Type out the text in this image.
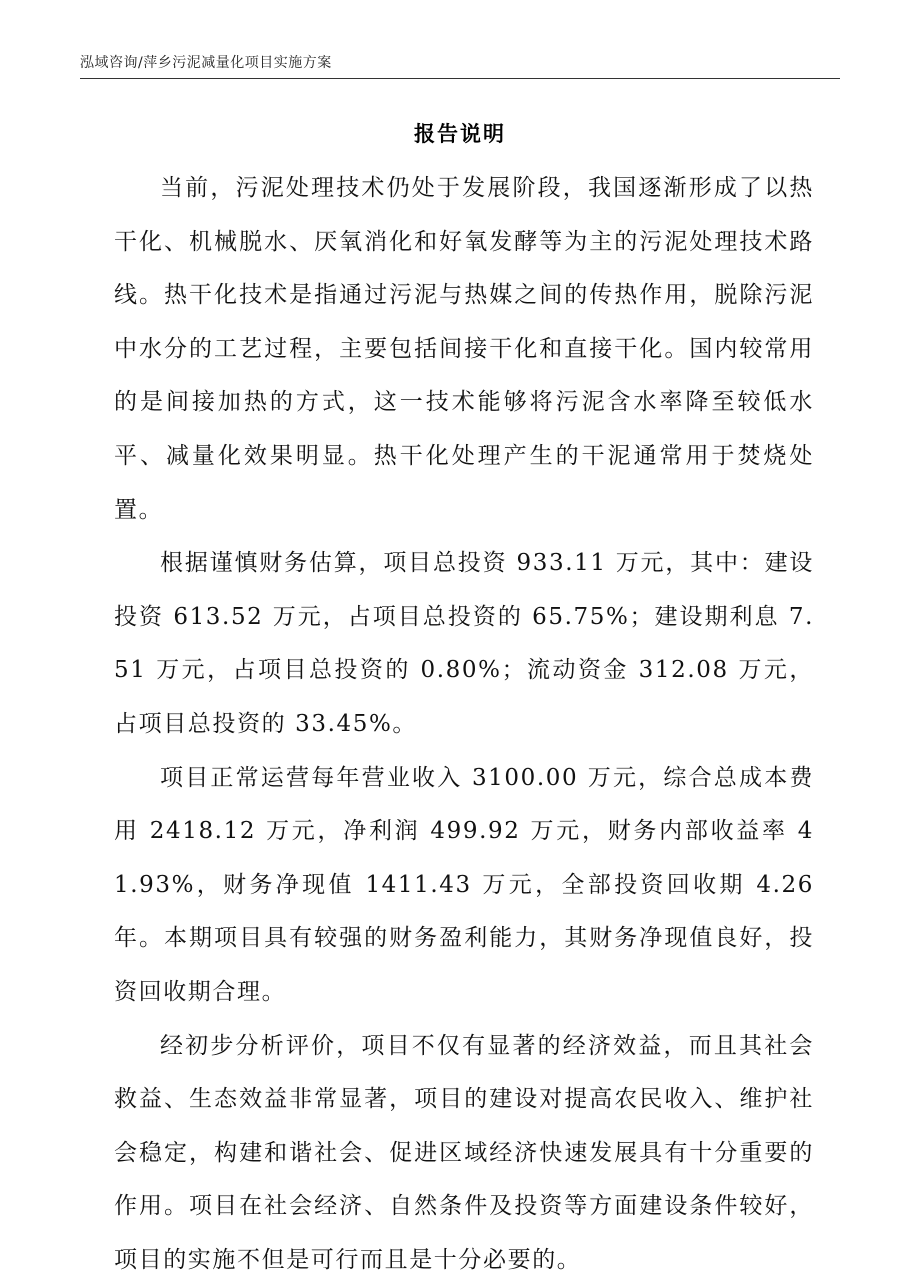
泓域咨询/萍乡污泥减量化项目实施方案
报告说明

当前，污泥处理技术仍处于发展阶段，我国逐渐形成了以热干化、机械脱水、厌氧消化和好氧发酵等为主的污泥处理技术路线。热干化技术是指通过污泥与热媒之间的传热作用，脱除污泥中水分的工艺过程，主要包括间接干化和直接干化。国内较常用的是间接加热的方式，这一技术能够将污泥含水率降至较低水平、减量化效果明显。热干化处理产生的干泥通常用于焚烧处置。

根据谨慎财务估算，项目总投资 933.11 万元，其中：建设投资 613.52 万元，占项目总投资的 65.75%；建设期利息 7.51 万元，占项目总投资的 0.80%；流动资金 312.08 万元，占项目总投资的 33.45%。

项目正常运营每年营业收入 3100.00 万元，综合总成本费用 2418.12 万元，净利润 499.92 万元，财务内部收益率 41.93%，财务净现值 1411.43 万元，全部投资回收期 4.26 年。本期项目具有较强的财务盈利能力，其财务净现值良好，投资回收期合理。

经初步分析评价，项目不仅有显著的经济效益，而且其社会救益、生态效益非常显著，项目的建设对提高农民收入、维护社会稳定，构建和谐社会、促进区域经济快速发展具有十分重要的作用。项目在社会经济、自然条件及投资等方面建设条件较好，项目的实施不但是可行而且是十分必要的。
